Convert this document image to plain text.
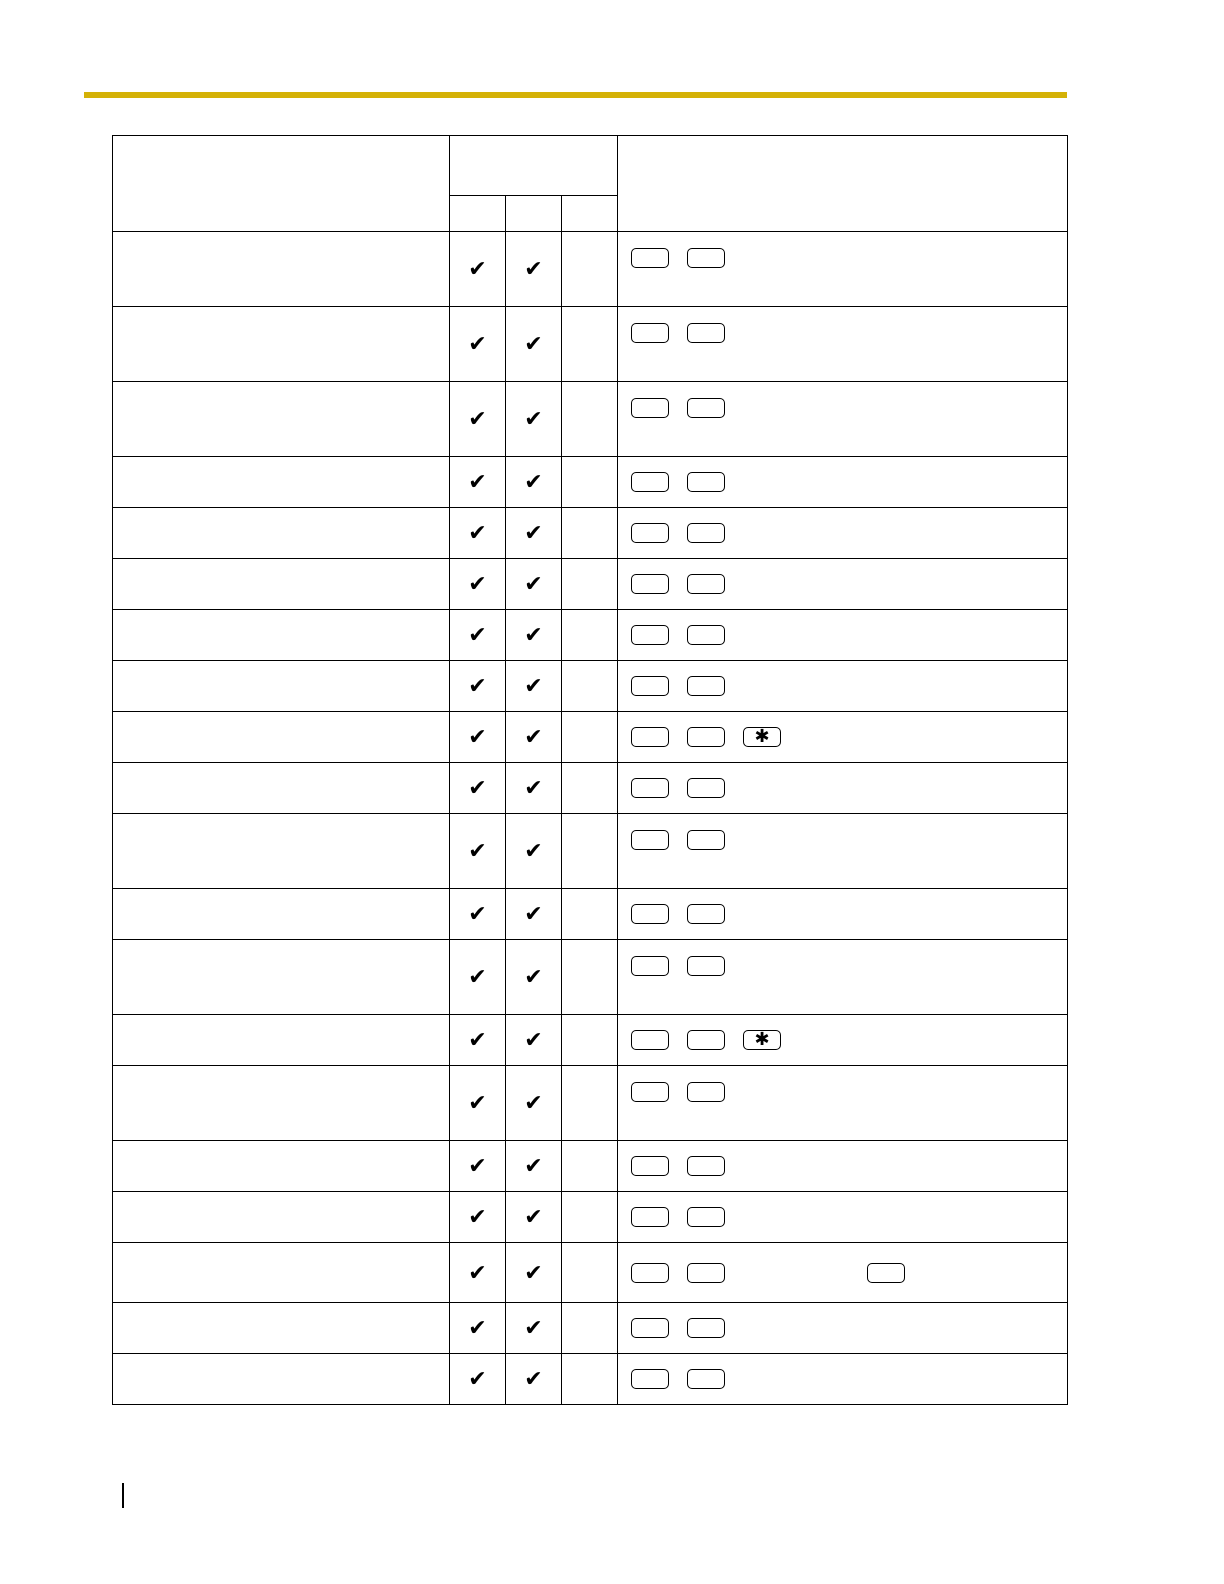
	✔	✔		

	✔	✔		

	✔	✔		

	✔	✔		

	✔	✔		

	✔	✔		

	✔	✔		

	✔	✔		

	✔	✔		✱

	✔	✔		

	✔	✔		

	✔	✔		

	✔	✔		

	✔	✔		✱

	✔	✔		

	✔	✔		

	✔	✔		

	✔	✔		

	✔	✔		

	✔	✔		
